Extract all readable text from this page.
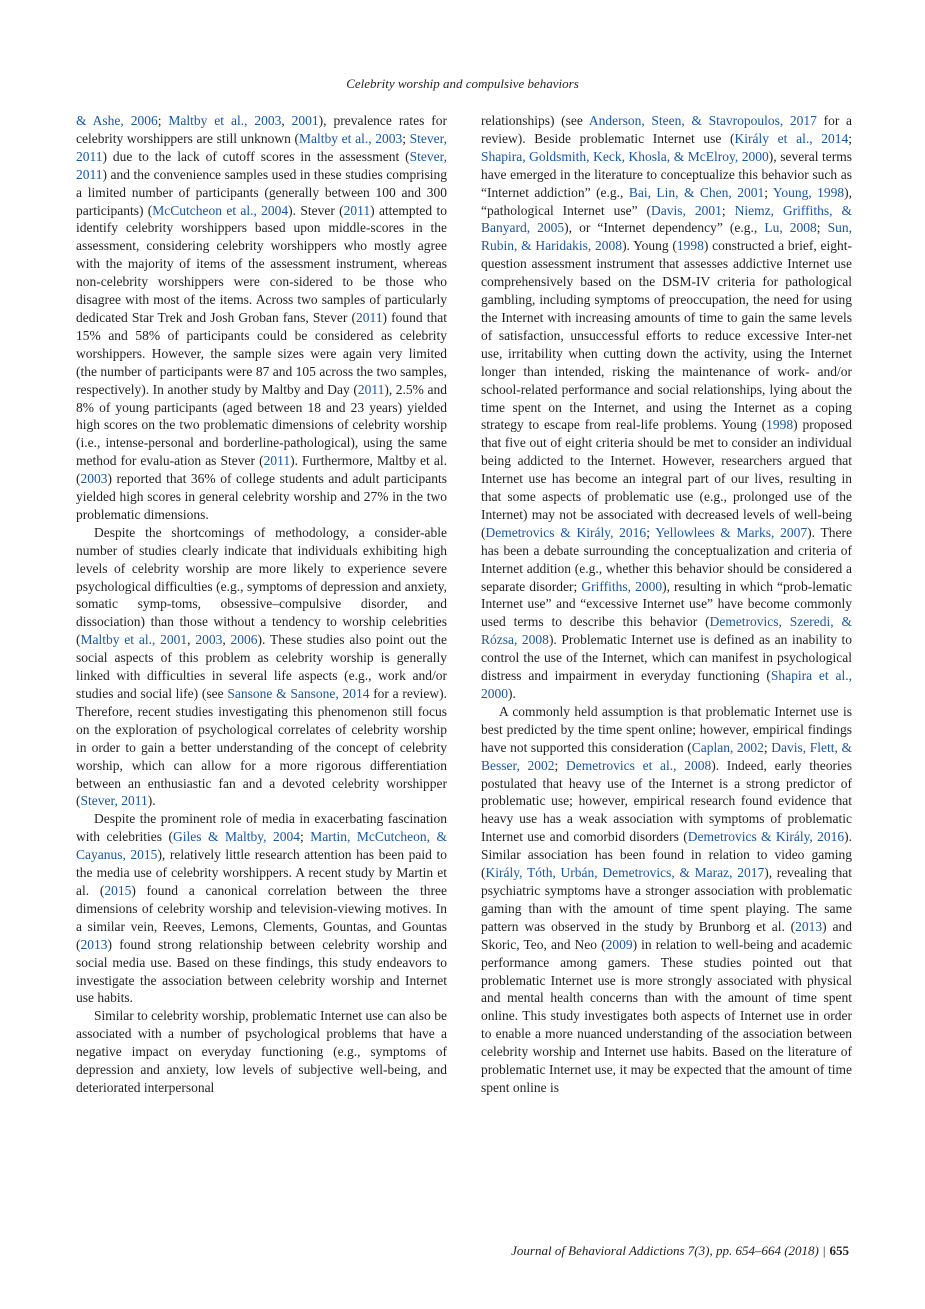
Celebrity worship and compulsive behaviors

& Ashe, 2006; Maltby et al., 2003, 2001), prevalence rates for celebrity worshippers are still unknown (Maltby et al., 2003; Stever, 2011) due to the lack of cutoff scores in the assessment (Stever, 2011) and the convenience samples used in these studies comprising a limited number of participants (generally between 100 and 300 participants) (McCutcheon et al., 2004). Stever (2011) attempted to identify celebrity worshippers based upon middle-scores in the assessment, considering celebrity worshippers who mostly agree with the majority of items of the assessment instrument, whereas non-celebrity worshippers were con-sidered to be those who disagree with most of the items. Across two samples of particularly dedicated Star Trek and Josh Groban fans, Stever (2011) found that 15% and 58% of participants could be considered as celebrity worshippers. However, the sample sizes were again very limited (the number of participants were 87 and 105 across the two samples, respectively). In another study by Maltby and Day (2011), 2.5% and 8% of young participants (aged between 18 and 23 years) yielded high scores on the two problematic dimensions of celebrity worship (i.e., intense-personal and borderline-pathological), using the same method for evalu-ation as Stever (2011). Furthermore, Maltby et al. (2003) reported that 36% of college students and adult participants yielded high scores in general celebrity worship and 27% in the two problematic dimensions.

Despite the shortcomings of methodology, a consider-able number of studies clearly indicate that individuals exhibiting high levels of celebrity worship are more likely to experience severe psychological difficulties (e.g., symptoms of depression and anxiety, somatic symp-toms, obsessive–compulsive disorder, and dissociation) than those without a tendency to worship celebrities (Maltby et al., 2001, 2003, 2006). These studies also point out the social aspects of this problem as celebrity worship is generally linked with difficulties in several life aspects (e.g., work and/or studies and social life) (see Sansone & Sansone, 2014 for a review). Therefore, recent studies investigating this phenomenon still focus on the exploration of psychological correlates of celebrity worship in order to gain a better understanding of the concept of celebrity worship, which can allow for a more rigorous differentiation between an enthusiastic fan and a devoted celebrity worshipper (Stever, 2011).

Despite the prominent role of media in exacerbating fascination with celebrities (Giles & Maltby, 2004; Martin, McCutcheon, & Cayanus, 2015), relatively little research attention has been paid to the media use of celebrity worshippers. A recent study by Martin et al. (2015) found a canonical correlation between the three dimensions of celebrity worship and television-viewing motives. In a similar vein, Reeves, Lemons, Clements, Gountas, and Gountas (2013) found strong relationship between celebrity worship and social media use. Based on these findings, this study endeavors to investigate the association between celebrity worship and Internet use habits.

Similar to celebrity worship, problematic Internet use can also be associated with a number of psychological problems that have a negative impact on everyday functioning (e.g., symptoms of depression and anxiety, low levels of subjective well-being, and deteriorated interpersonal

relationships) (see Anderson, Steen, & Stavropoulos, 2017 for a review). Beside problematic Internet use (Király et al., 2014; Shapira, Goldsmith, Keck, Khosla, & McElroy, 2000), several terms have emerged in the literature to conceptualize this behavior such as “Internet addiction” (e.g., Bai, Lin, & Chen, 2001; Young, 1998), “pathological Internet use” (Davis, 2001; Niemz, Griffiths, & Banyard, 2005), or “Internet dependency” (e.g., Lu, 2008; Sun, Rubin, & Haridakis, 2008). Young (1998) constructed a brief, eight-question assessment instrument that assesses addictive Internet use comprehensively based on the DSM-IV criteria for pathological gambling, including symptoms of preoccupation, the need for using the Internet with increasing amounts of time to gain the same levels of satisfaction, unsuccessful efforts to reduce excessive Inter-net use, irritability when cutting down the activity, using the Internet longer than intended, risking the maintenance of work- and/or school-related performance and social relationships, lying about the time spent on the Internet, and using the Internet as a coping strategy to escape from real-life problems. Young (1998) proposed that five out of eight criteria should be met to consider an individual being addicted to the Internet. However, researchers argued that Internet use has become an integral part of our lives, resulting in that some aspects of problematic use (e.g., prolonged use of the Internet) may not be associated with decreased levels of well-being (Demetrovics & Király, 2016; Yellowlees & Marks, 2007). There has been a debate surrounding the conceptualization and criteria of Internet addition (e.g., whether this behavior should be considered a separate disorder; Griffiths, 2000), resulting in which “prob-lematic Internet use” and “excessive Internet use” have become commonly used terms to describe this behavior (Demetrovics, Szeredi, & Rózsa, 2008). Problematic Internet use is defined as an inability to control the use of the Internet, which can manifest in psychological distress and impairment in everyday functioning (Shapira et al., 2000).

A commonly held assumption is that problematic Internet use is best predicted by the time spent online; however, empirical findings have not supported this consideration (Caplan, 2002; Davis, Flett, & Besser, 2002; Demetrovics et al., 2008). Indeed, early theories postulated that heavy use of the Internet is a strong predictor of problematic use; however, empirical research found evidence that heavy use has a weak association with symptoms of problematic Internet use and comorbid disorders (Demetrovics & Király, 2016). Similar association has been found in relation to video gaming (Király, Tóth, Urbán, Demetrovics, & Maraz, 2017), revealing that psychiatric symptoms have a stronger association with problematic gaming than with the amount of time spent playing. The same pattern was observed in the study by Brunborg et al. (2013) and Skoric, Teo, and Neo (2009) in relation to well-being and academic performance among gamers. These studies pointed out that problematic Internet use is more strongly associated with physical and mental health concerns than with the amount of time spent online. This study investigates both aspects of Internet use in order to enable a more nuanced understanding of the association between celebrity worship and Internet use habits. Based on the literature of problematic Internet use, it may be expected that the amount of time spent online is

Journal of Behavioral Addictions 7(3), pp. 654–664 (2018) | 655
